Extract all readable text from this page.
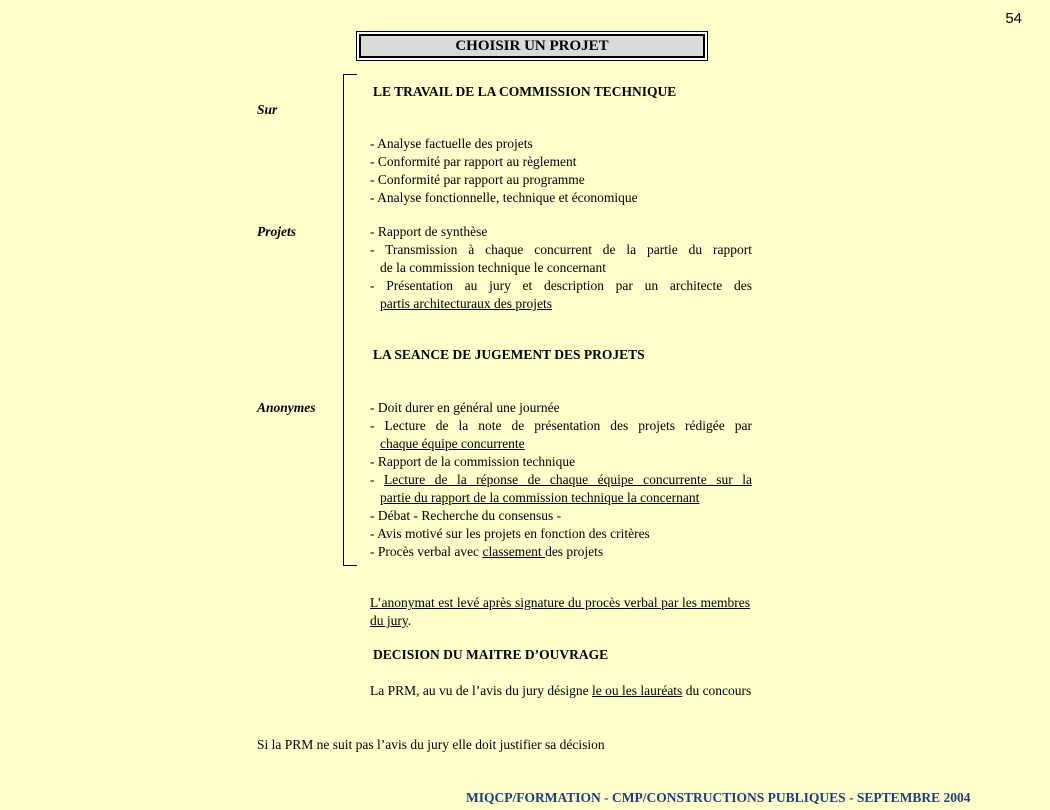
54
CHOISIR UN PROJET
Sur
Projets
Anonymes
LE TRAVAIL DE LA COMMISSION TECHNIQUE
- Analyse factuelle des projets
- Conformité par rapport au règlement
- Conformité par rapport au programme
- Analyse fonctionnelle, technique et économique
- Rapport de synthèse
- Transmission à chaque concurrent de la partie du rapport
de la commission technique le concernant
- Présentation au jury et description par un architecte des
partis architecturaux des projets
LA SEANCE DE JUGEMENT DES PROJETS
- Doit durer en général une journée
- Lecture de la note de présentation des projets rédigée par
chaque équipe concurrente
- Rapport de la commission technique
- Lecture de la réponse de chaque équipe concurrente sur la
partie du rapport de la commission technique la concernant
- Débat - Recherche du consensus -
- Avis motivé sur les projets en fonction des critères
- Procès verbal avec classement des projets
L’anonymat est levé après signature du procès verbal par les membres du jury.
DECISION DU MAITRE D’OUVRAGE
La PRM, au vu de l’avis du jury désigne le ou les lauréats du concours
Si la PRM ne suit pas l’avis du jury elle doit justifier sa décision
MIQCP/FORMATION - CMP/CONSTRUCTIONS PUBLIQUES - SEPTEMBRE 2004
